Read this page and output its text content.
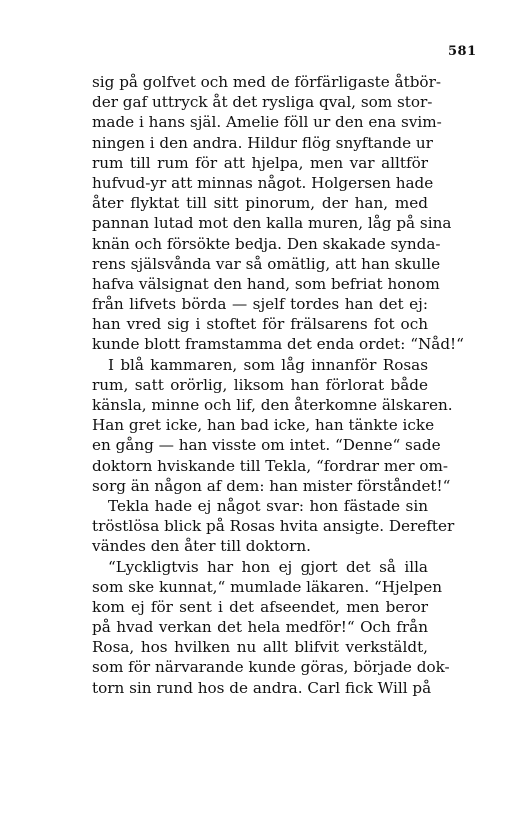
581
sig på golfvet och med de förfärligaste åtbör-
der gaf uttryck åt det rysliga qval, som stor-
made i hans själ. Amelie föll ur den ena svim-
ningen i den andra. Hildur flög snyftande ur
rum till rum för att hjelpa, men var alltför
hufvud-yr att minnas något. Holgersen hade
åter flyktat till sitt pinorum, der han, med
pannan lutad mot den kalla muren, låg på sina
knän och försökte bedja. Den skakade synda-
rens själsvånda var så omätlig, att han skulle
hafva välsignat den hand, som befriat honom
från lifvets börda — sjelf tordes han det ej:
han vred sig i stoftet för frälsarens fot och
kunde blott framstamma det enda ordet: “Nåd!“
I blå kammaren, som låg innanför Rosas
rum, satt orörlig, liksom han förlorat både
känsla, minne och lif, den återkomne älskaren.
Han gret icke, han bad icke, han tänkte icke
en gång — han visste om intet. “Denne“ sade
doktorn hviskande till Tekla, “fordrar mer om-
sorg än någon af dem: han mister förståndet!“
Tekla hade ej något svar: hon fästade sin
tröstlösa blick på Rosas hvita ansigte. Derefter
vändes den åter till doktorn.
“Lyckligtvis har hon ej gjort det så illa
som ske kunnat,“ mumlade läkaren. “Hjelpen
kom ej för sent i det afseendet, men beror
på hvad verkan det hela medför!“ Och från
Rosa, hos hvilken nu allt blifvit verkstäldt,
som för närvarande kunde göras, började dok-
torn sin rund hos de andra. Carl fick Will på
